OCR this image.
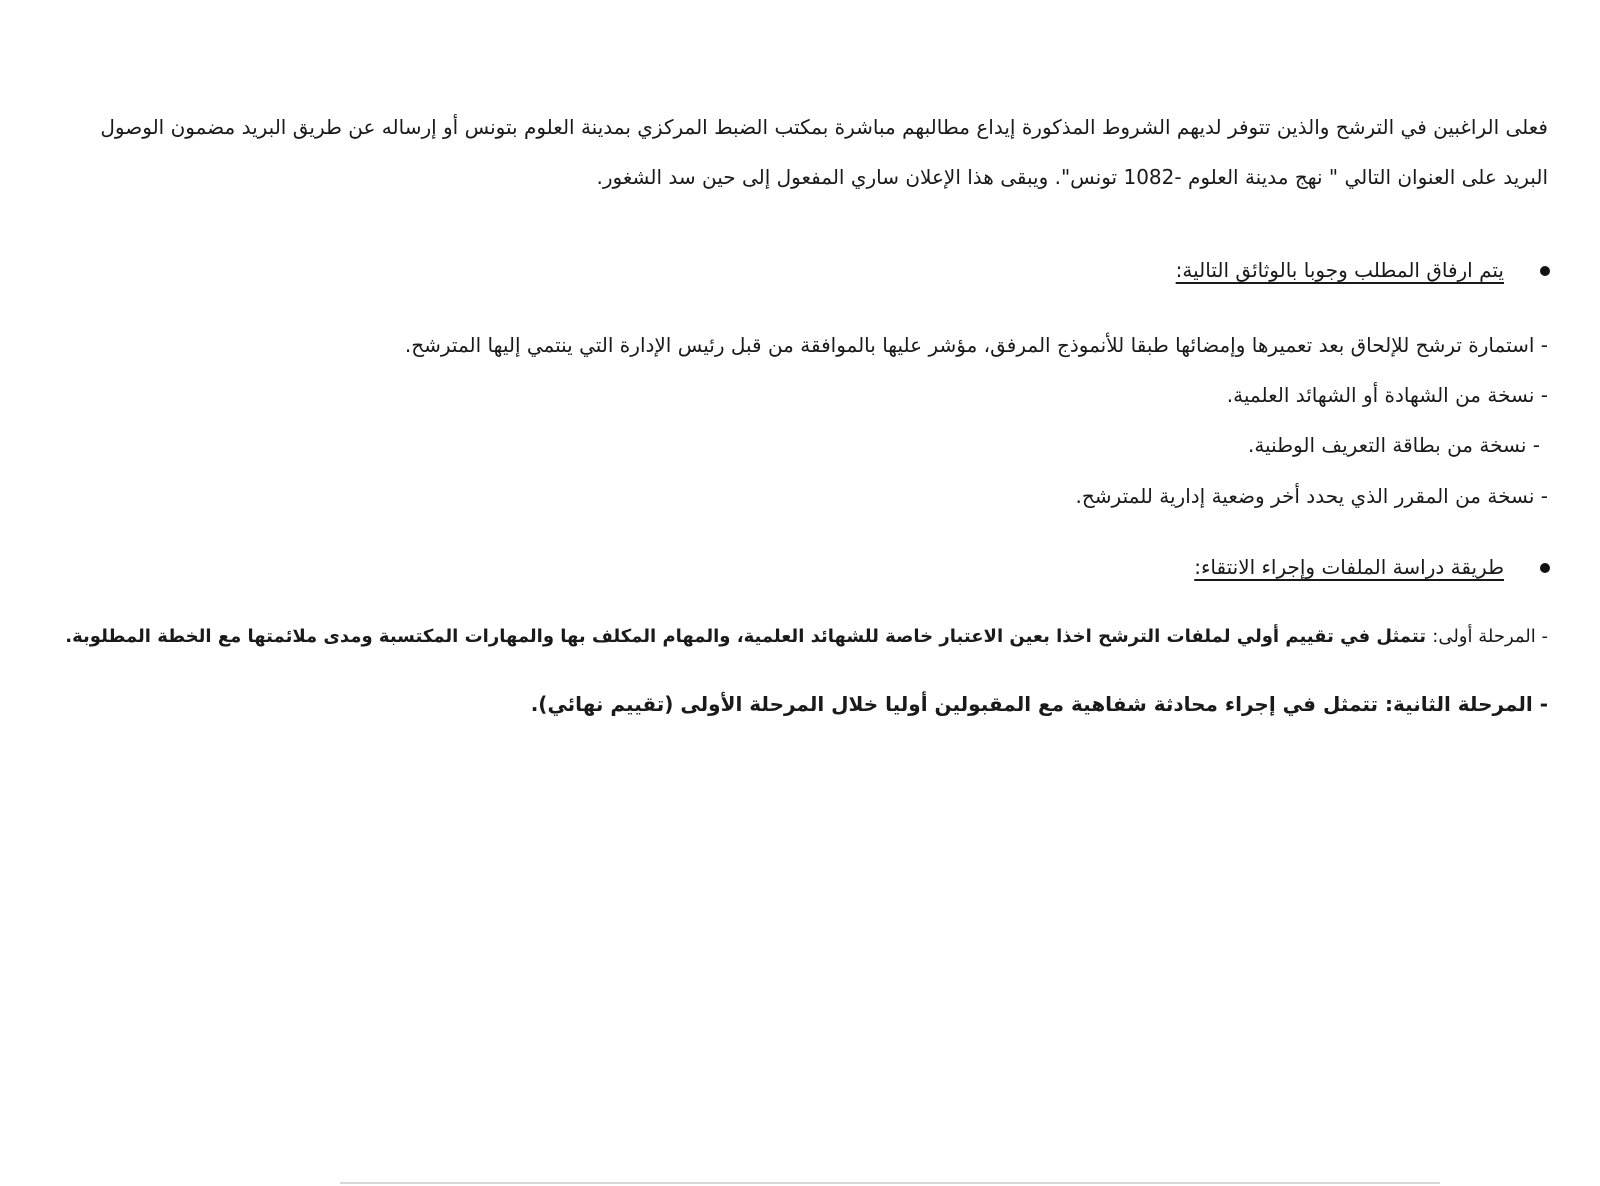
فعلى الراغبين في الترشح والذين تتوفر لديهم الشروط المذكورة إيداع مطالبهم مباشرة بمكتب الضبط المركزي بمدينة العلوم بتونس أو إرساله عن طريق البريد مضمون الوصول
البريد على العنوان التالي " نهج مدينة العلوم -1082 تونس". ويبقى هذا الإعلان ساري المفعول إلى حين سد الشغور.
يتم ارفاق المطلب وجوبا بالوثائق التالية:
- استمارة ترشح للإلحاق بعد تعميرها وإمضائها طبقا للأنموذج المرفق، مؤشر عليها بالموافقة من قبل رئيس الإدارة التي ينتمي إليها المترشح.
- نسخة من الشهادة أو الشهائد العلمية.
- نسخة من بطاقة التعريف الوطنية.
- نسخة من المقرر الذي يحدد أخر وضعية إدارية للمترشح.
طريقة دراسة الملفات وإجراء الانتقاء:
- المرحلة أولى: تتمثل في تقييم أولي لملفات الترشح اخذا بعين الاعتبار خاصة للشهائد العلمية، والمهام المكلف بها والمهارات المكتسبة ومدى ملائمتها مع الخطة المطلوبة.
- المرحلة الثانية: تتمثل في إجراء محادثة شفاهية مع المقبولين أوليا خلال المرحلة الأولى (تقييم نهائي).
